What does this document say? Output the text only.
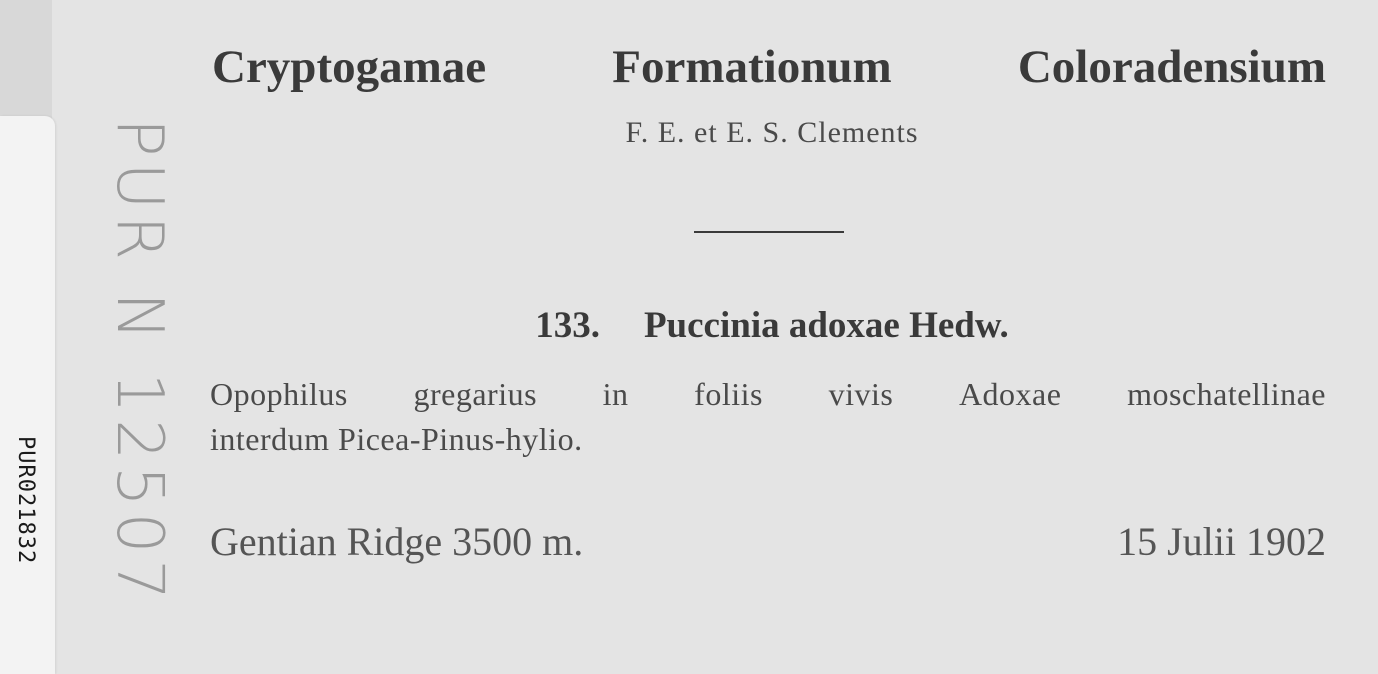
PUR021832 PUR N 12507
Cryptogamae	Formationum	Coloradensium
F. E. et E. S. Clements
133. Puccinia adoxae Hedw.
Opophilus gregarius in foliis vivis Adoxae moschatellinae
interdum Picea-Pinus-hylio.
Gentian Ridge 3500 m.	15 Julii 1902
